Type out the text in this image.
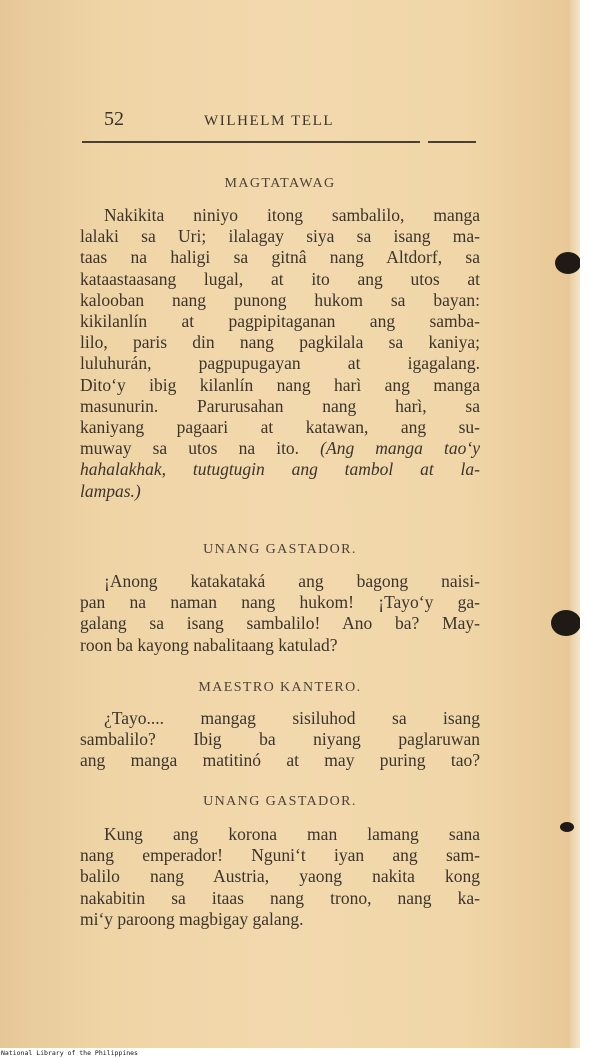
52	WILHELM TELL
MAGTATAWAG
Nakikita niniyo itong sambalilo, manga
lalaki sa Uri; ilalagay siya sa isang ma-
taas na haligi sa gitnâ nang Altdorf, sa
kataastaasang lugal, at ito ang utos at
kalooban nang punong hukom sa bayan:
kikilanlín at pagpipitaganan ang samba-
lilo, paris din nang pagkilala sa kaniya;
luluhurán, pagpupugayan at igagalang.
Dito‘y ibig kilanlín nang harì ang manga
masunurin. Parurusahan nang harì, sa
kaniyang pagaari at katawan, ang su-
muway sa utos na ito. (Ang manga tao‘y
hahalakhak, tutugtugin ang tambol at la-
lampas.)
UNANG GASTADOR.
¡Anong katakataká ang bagong naisi-
pan na naman nang hukom! ¡Tayo‘y ga-
galang sa isang sambalilo! Ano ba? May-
roon ba kayong nabalitaang katulad?
MAESTRO KANTERO.
¿Tayo.... mangag sisiluhod sa isang
sambalilo? Ibig ba niyang paglaruwan
ang manga matitinó at may puring tao?
UNANG GASTADOR.
Kung ang korona man lamang sana
nang emperador! Nguni‘t iyan ang sam-
balilo nang Austria, yaong nakita kong
nakabitin sa itaas nang trono, nang ka-
mi‘y paroong magbigay galang.
National Library of the Philippines
